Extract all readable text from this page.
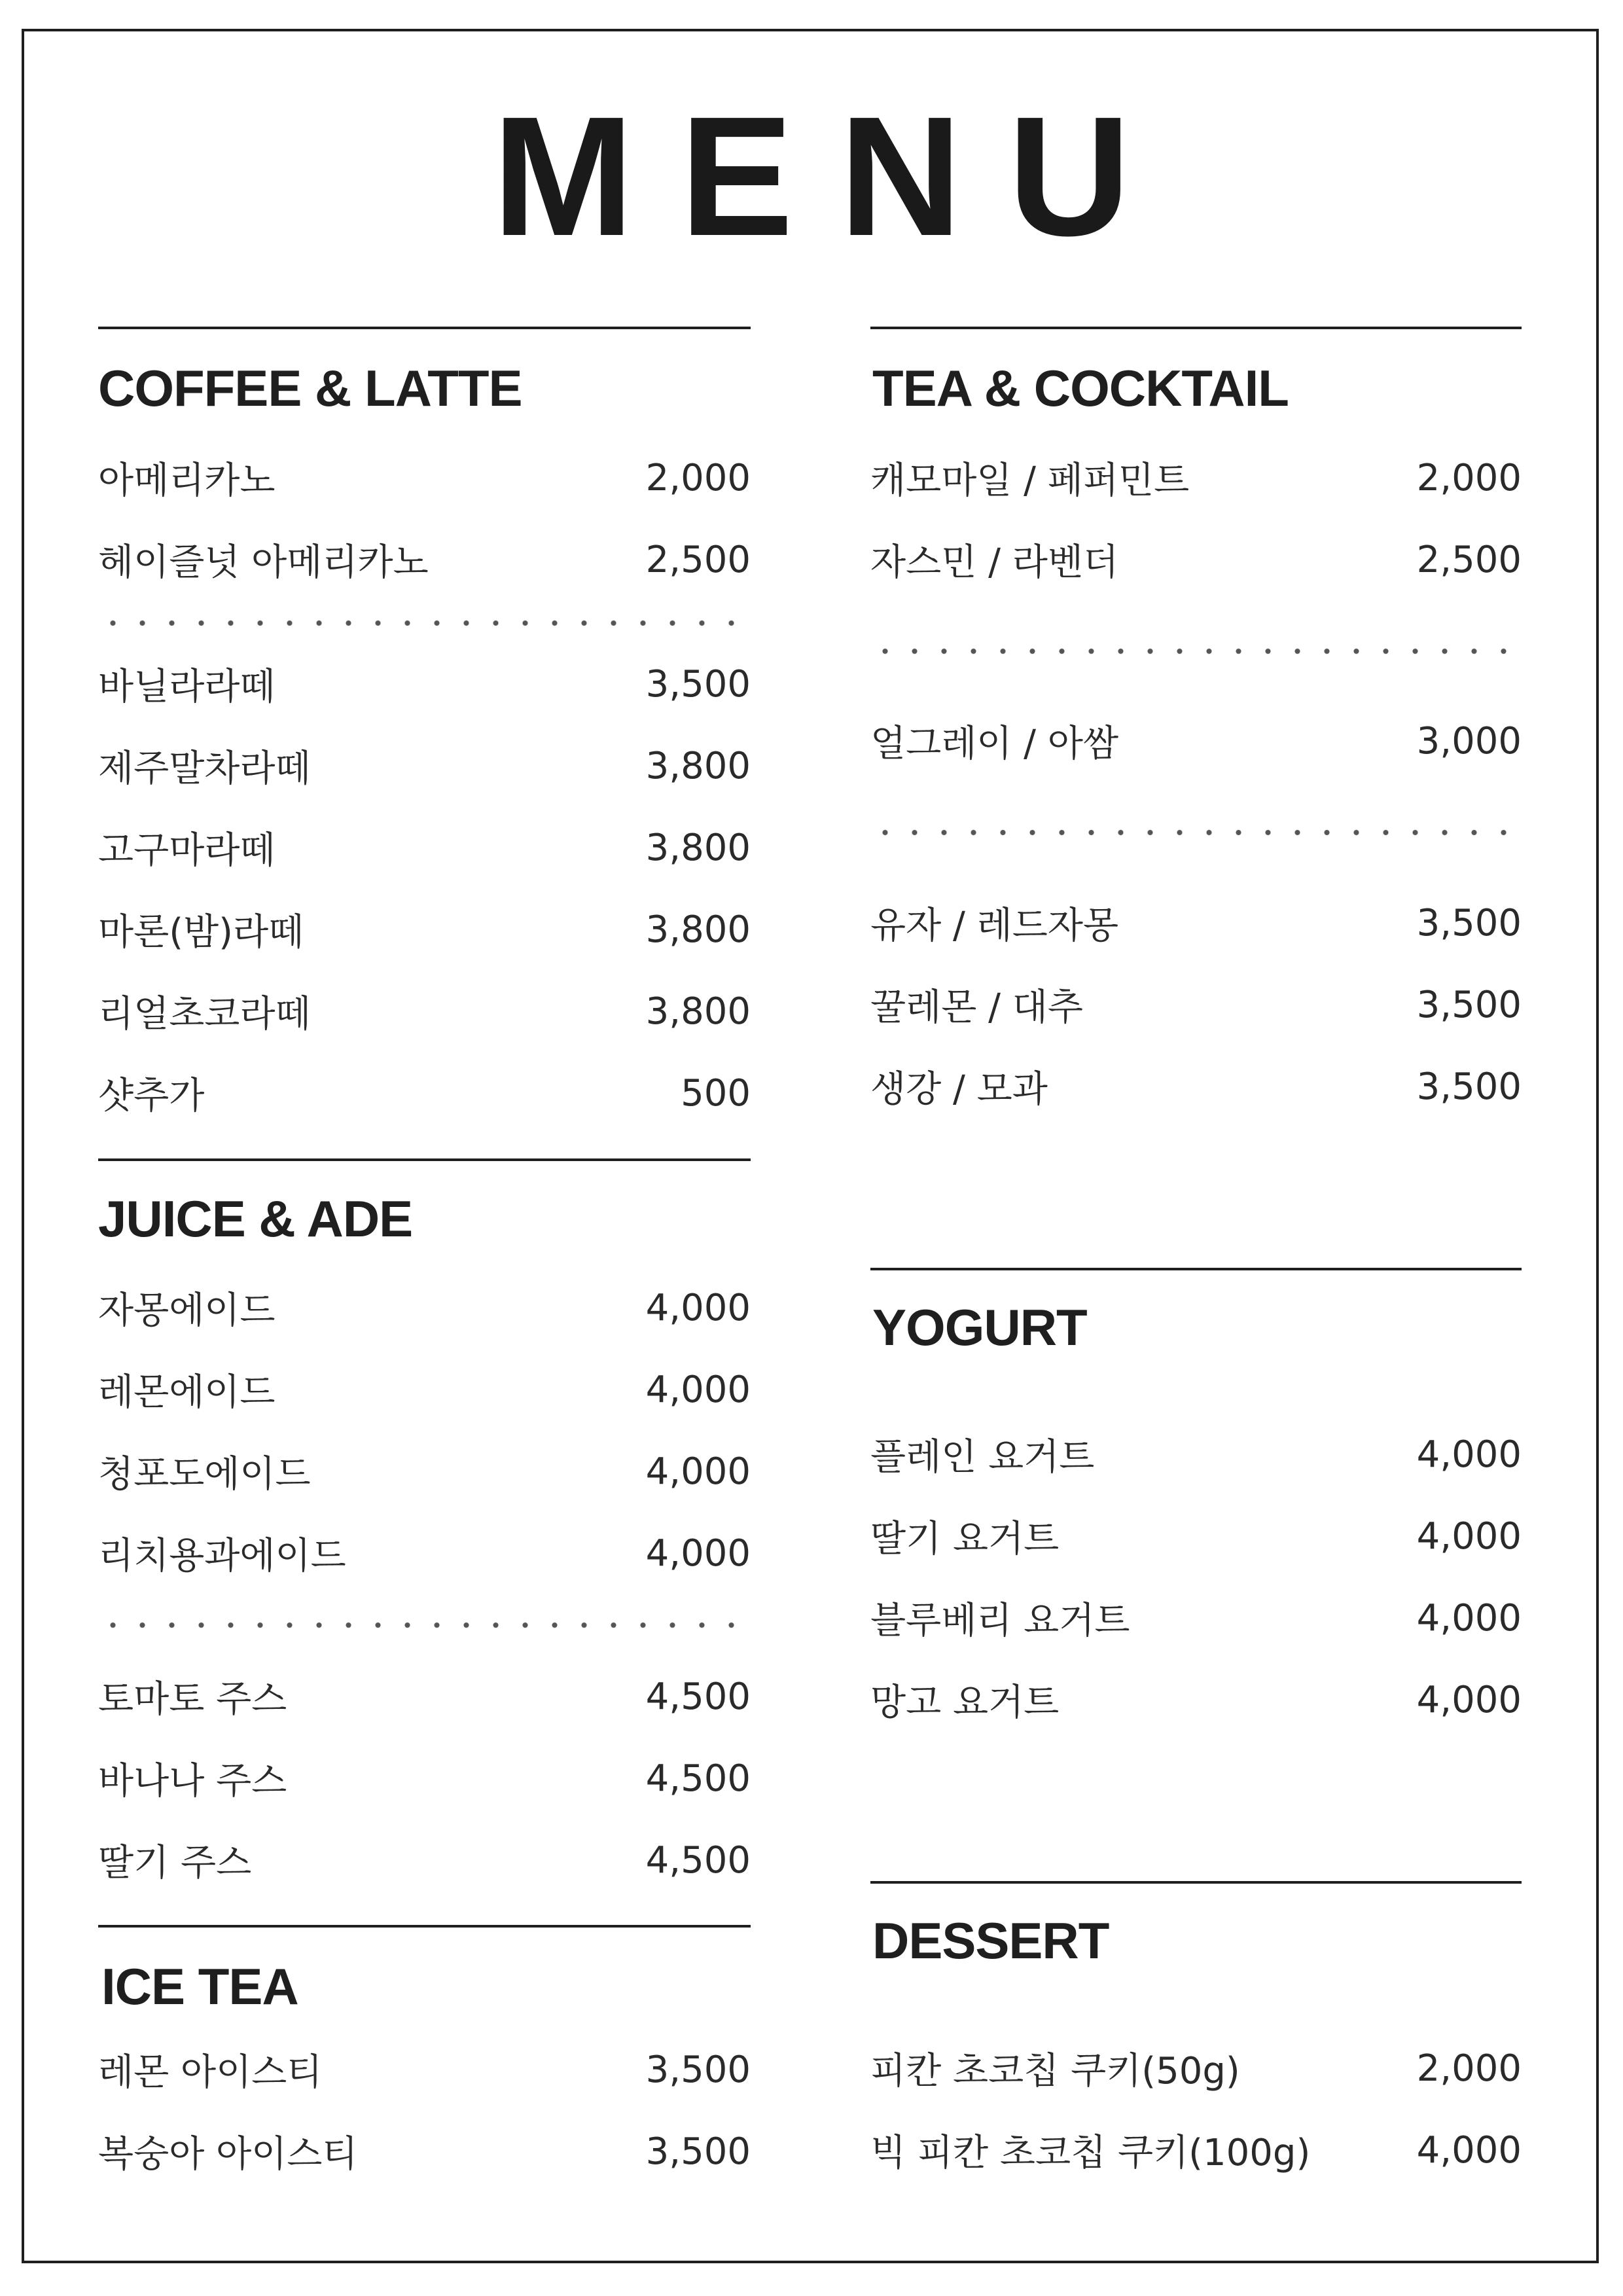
MENU
COFFEE & LATTE
아메리카노	2,000
헤이즐넛 아메리카노	2,500
바닐라라떼	3,500
제주말차라떼	3,800
고구마라떼	3,800
마론(밤)라떼	3,800
리얼초코라떼	3,800
샷추가	500
JUICE & ADE
자몽에이드	4,000
레몬에이드	4,000
청포도에이드	4,000
리치용과에이드	4,000
토마토 주스	4,500
바나나 주스	4,500
딸기 주스	4,500
ICE TEA
레몬 아이스티	3,500
복숭아 아이스티	3,500
TEA & COCKTAIL
캐모마일 / 페퍼민트	2,000
자스민 / 라벤더	2,500
얼그레이 / 아쌈	3,000
유자 / 레드자몽	3,500
꿀레몬 / 대추	3,500
생강 / 모과	3,500
YOGURT
플레인 요거트	4,000
딸기 요거트	4,000
블루베리 요거트	4,000
망고 요거트	4,000
DESSERT
피칸 초코칩 쿠키(50g)	2,000
빅 피칸 초코칩 쿠키(100g)	4,000
